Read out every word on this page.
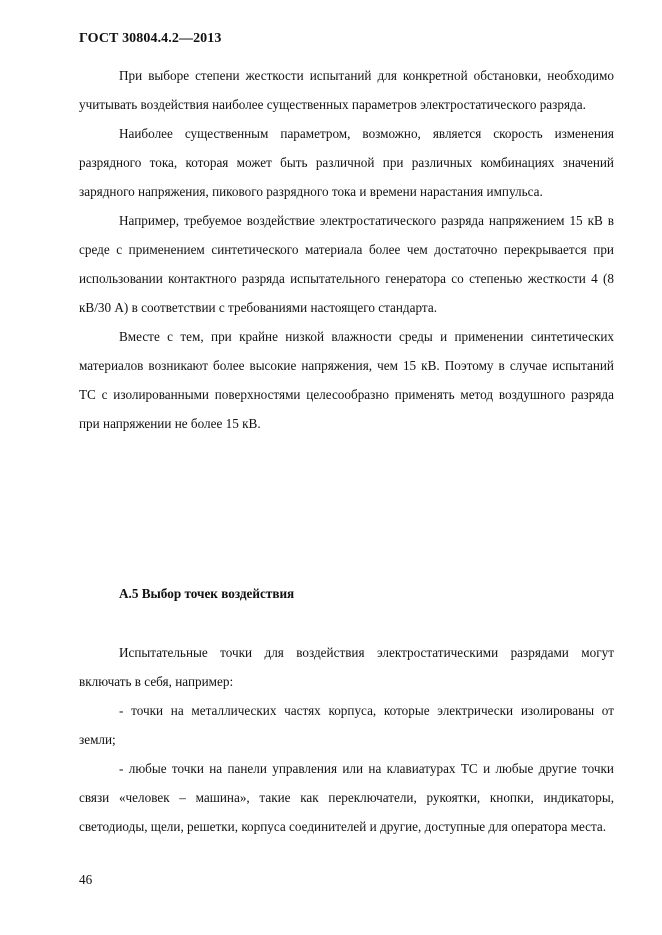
ГОСТ 30804.4.2—2013

При выборе степени жесткости испытаний для конкретной обстановки, необходимо учитывать воздействия наиболее существенных параметров электростатического разряда.

Наиболее существенным параметром, возможно, является скорость изменения разрядного тока, которая может быть различной при различных комбинациях значений зарядного напряжения, пикового разрядного тока и времени нарастания импульса.

Например, требуемое воздействие электростатического разряда напряжением 15 кВ в среде с применением синтетического материала более чем достаточно перекрывается при использовании контактного разряда испытательного генератора со степенью жесткости 4 (8 кВ/30 А) в соответствии с требованиями настоящего стандарта.

Вместе с тем, при крайне низкой влажности среды и применении синтетических материалов возникают более высокие напряжения, чем 15 кВ. Поэтому в случае испытаний ТС с изолированными поверхностями целесообразно применять метод воздушного разряда при напряжении не более 15 кВ.

А.5 Выбор точек воздействия

Испытательные точки для воздействия электростатическими разрядами могут включать в себя, например:

- точки на металлических частях корпуса, которые электрически изолированы от земли;

- любые точки на панели управления или на клавиатурах ТС и любые другие точки связи «человек – машина», такие как переключатели, рукоятки, кнопки, индикаторы, светодиоды, щели, решетки, корпуса соединителей и другие, доступные для оператора места.

46
